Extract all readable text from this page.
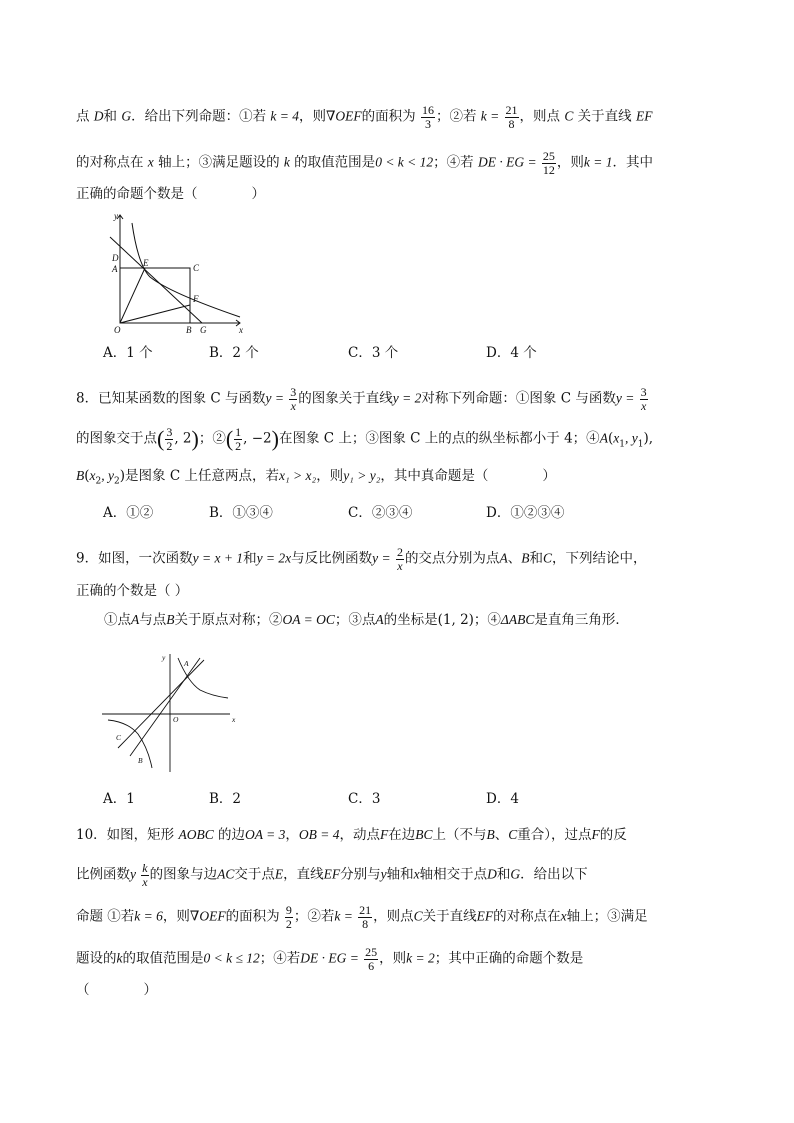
点 D和 G．给出下列命题：①若 k = 4，则∇OEF的面积为 $\frac{16}{3}$ ；②若 $k = \frac{21}{8}$ ，则点 C 关于直线 EF
的对称点在 x 轴上；③满足题设的 k 的取值范围是0 < k < 12；④若 DE · EG = $\frac{25}{12}$ ，则k = 1．其中
正确的命题个数是（　　　　）
y
x
D
A
E	C
F
O	B G
A．1 个	B．2 个	C．3 个	D．4 个
8．已知某函数的图象 C 与函数$y = \frac{3}{x}$ 的图象关于直线y = 2对称下列命题：①图象 C 与函数$y = \frac{3}{x}$
的图象交于点( $\frac{3}{2}$ , 2)；②( $\frac{1}{2}$ , −2)在图象 C 上；③图象 C 上的点的纵坐标都小于 4；$④A(x_1$, $y_1$),
$B(x_2$, $y_2$)是图象 C 上任意两点，若x₁ > x₂，则y₁ > y₂，其中真命题是（　　　　）
A．①②	B．①③④	C．②③④	D．①②③④
9．如图，一次函数y = x + 1和y = 2x与反比例函数$y = \frac{2}{x}$ 的交点分别为点A、B和C，下列结论中，
正确的个数是（ ）
①点A与点B关于原点对称；②OA = OC；③点A的坐标是(1, 2)；④ΔABC是直角三角形．
y
x
A
O
C
B
A．1	B．2	C．3	D．4
10．如图，矩形 AOBC 的边OA = 3，OB = 4，动点F在边BC上（不与B、C重合），过点F的反
比例函数y $\frac{k}{x}$ 的图象与边AC交于点E，直线EF分别与y轴和x轴相交于点D和G．给出以下
命题 ①若k = 6，则∇OEF的面积为 $\frac{9}{2}$ ；②若$k = \frac{21}{8}$ ，则点C关于直线EF的对称点在x轴上；③满足
题设的k的取值范围是0 < k ≤ 12；④若DE · EG = $\frac{25}{6}$ ，则k = 2；其中正确的命题个数是
（　　　　）
